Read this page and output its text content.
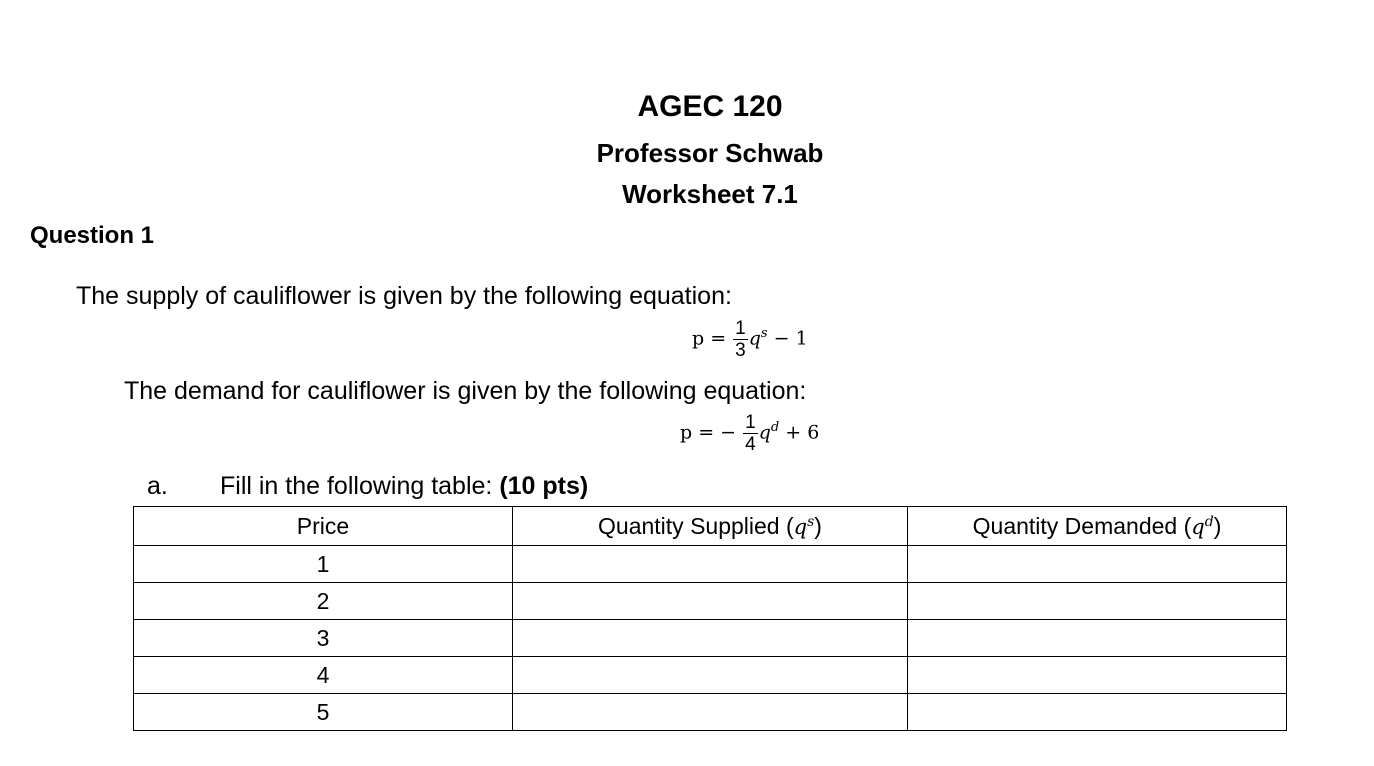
AGEC 120
Professor Schwab
Worksheet 7.1
Question 1
The supply of cauliflower is given by the following equation:
$p = \frac{1}{3} q^s - 1$
The demand for cauliflower is given by the following equation:
p = − $\frac{1}{4} q^d + 6$
a. Fill in the following table: (10 pts)
Price	Quantity Supplied $(q^s)$	Quantity Demanded $(q^d)$
1		
2		
3		
4		
5		
